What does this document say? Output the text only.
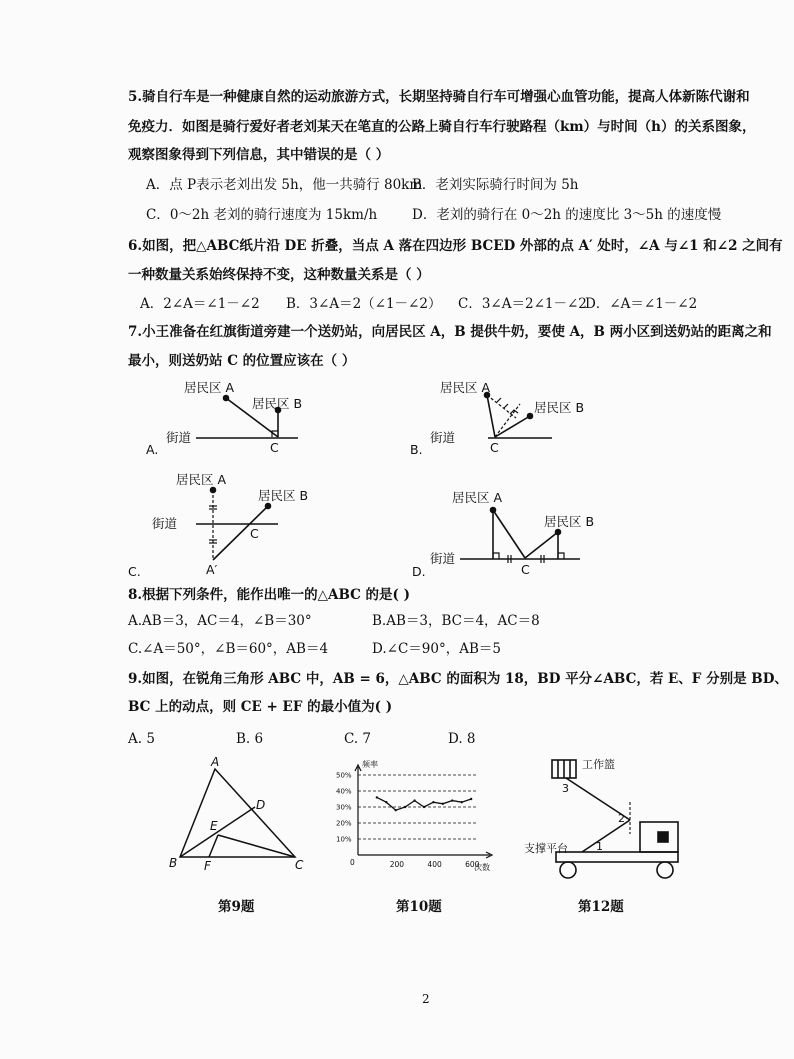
5.骑自行车是一种健康自然的运动旅游方式，长期坚持骑自行车可增强心血管功能，提高人体新陈代谢和
免疫力．如图是骑行爱好者老刘某天在笔直的公路上骑自行车行驶路程（km）与时间（h）的关系图象，
观察图象得到下列信息，其中错误的是（ ）
A．点 P表示老刘出发 5h，他一共骑行 80km
B．老刘实际骑行时间为 5h
C．0～2h 老刘的骑行速度为 15km/h	D．老刘的骑行在 0～2h 的速度比 3～5h 的速度慢
6.如图，把△ABC纸片沿 DE 折叠，当点 A 落在四边形 BCED 外部的点 A′ 处时，∠A 与∠1 和∠2 之间有
一种数量关系始终保持不变，这种数量关系是（ ）
A．2∠A＝∠1－∠2 B．3∠A＝2（∠1－∠2） C．3∠A＝2∠1－∠2
D．∠A＝∠1－∠2
7.小王准备在红旗街道旁建一个送奶站，向居民区 A，B 提供牛奶，要使 A，B 两小区到送奶站的距离之和
最小，则送奶站 C 的位置应该在（ ）
居民区 A
居民区 B
街道
C
A.
居民区 A
居民区 B
街道
C
B.
居民区 A
居民区 B
街道
C
A′
C.
居民区 A
居民区 B
街道
C
D.
8.根据下列条件，能作出唯一的△ABC 的是( )
A.AB＝3，AC＝4，∠B＝30°	B.AB＝3，BC＝4，AC＝8
C.∠A＝50°，∠B＝60°，AB＝4	D.∠C＝90°，AB＝5
9.如图，在锐角三角形 ABC 中，AB = 6，△ABC 的面积为 18，BD 平分∠ABC，若 E、F 分别是 BD、
BC 上的动点，则 CE + EF 的最小值为( )
A. 5	B. 6	C. 7	D. 8
A
B	C
D
E
F
第9题
50%
40%
30%
20%
10%
200	400	600
频率
次数
0
第10题
工作篮
支撑平台	1
2
3
第12题
2
